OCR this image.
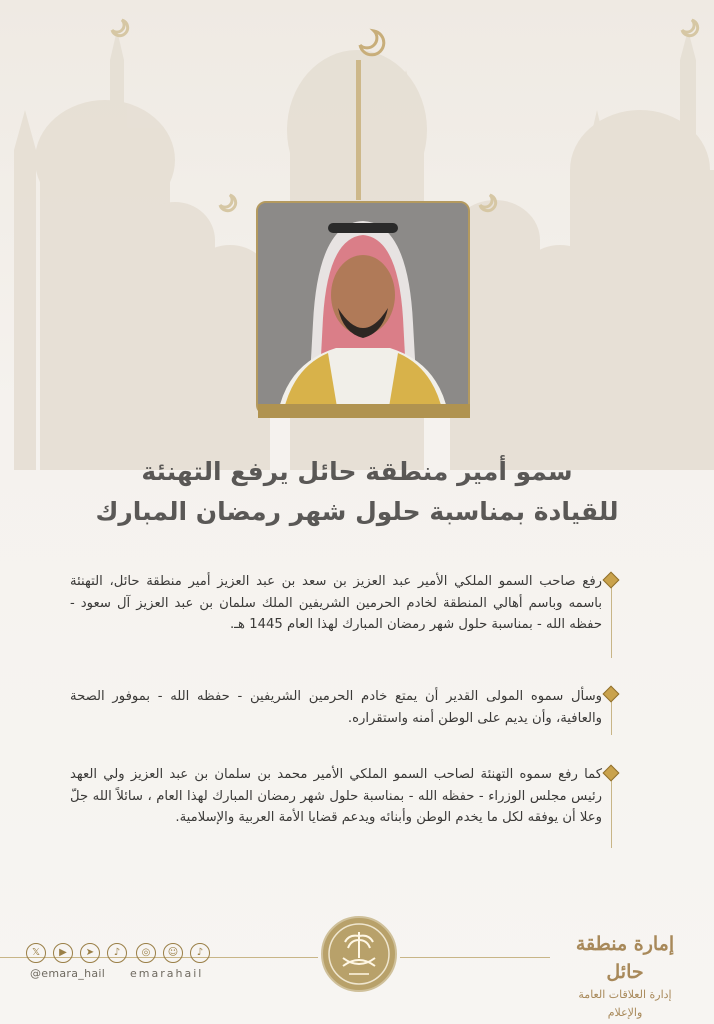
سمو أمير منطقة حائل يرفع التهنئة
للقيادة بمناسبة حلول شهر رمضان المبارك

رفع صاحب السمو الملكي الأمير عبد العزيز بن سعد بن عبد العزيز أمير منطقة حائل، التهنئة باسمه وباسم أهالي المنطقة لخادم الحرمين الشريفين الملك سلمان بن عبد العزيز آل سعود - حفظه الله - بمناسبة حلول شهر رمضان المبارك لهذا العام 1445 هـ.

وسأل سموه المولى القدير أن يمتع خادم الحرمين الشريفين - حفظه الله - بموفور الصحة والعافية، وأن يديم على الوطن أمنه واستقراره.

كما رفع سموه التهنئة لصاحب السمو الملكي الأمير محمد بن سلمان بن عبد العزيز ولي العهد رئيس مجلس الوزراء - حفظه الله - بمناسبة حلول شهر رمضان المبارك لهذا العام ، سائلاً الله جلّ وعلا أن يوفقه لكل ما يخدم الوطن وأبنائه ويدعم قضايا الأمة العربية والإسلامية.

𝕏	▶	➤	♪
@emara_hail
◎	☺	♪
emarahail
إمارة منطقة حائل
إدارة العلاقات العامة والإعلام
